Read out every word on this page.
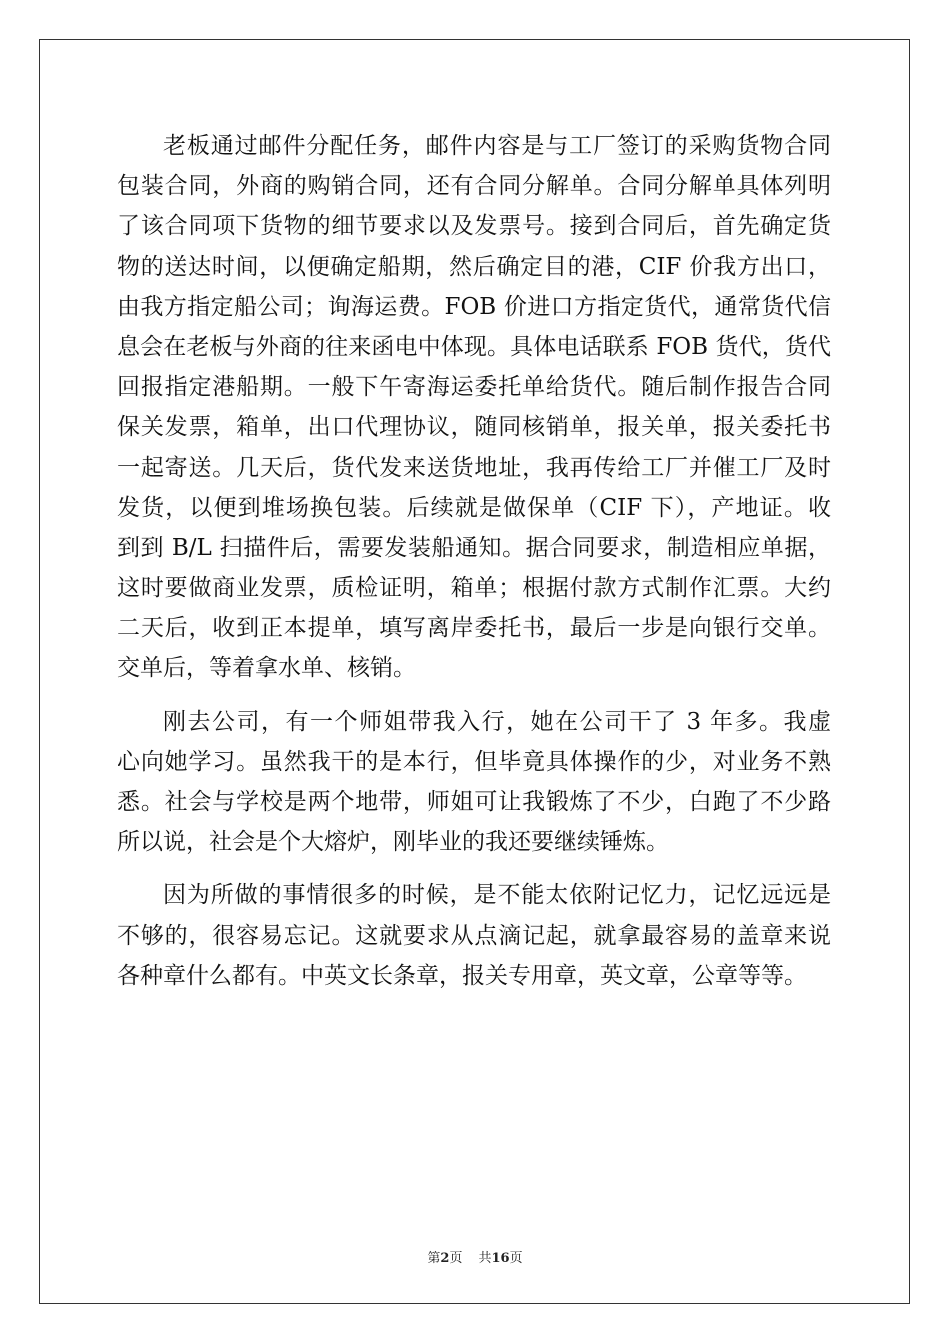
老板通过邮件分配任务，邮件内容是与工厂签订的采购货物合同
包装合同，外商的购销合同，还有合同分解单。合同分解单具体列明
了该合同项下货物的细节要求以及发票号。接到合同后，首先确定货
物的送达时间，以便确定船期，然后确定目的港，CIF 价我方出口，
由我方指定船公司；询海运费。FOB 价进口方指定货代，通常货代信
息会在老板与外商的往来函电中体现。具体电话联系 FOB 货代，货代
回报指定港船期。一般下午寄海运委托单给货代。随后制作报告合同
保关发票，箱单，出口代理协议，随同核销单，报关单，报关委托书
一起寄送。几天后，货代发来送货地址，我再传给工厂并催工厂及时
发货，以便到堆场换包装。后续就是做保单（CIF 下），产地证。收
到到 B/L 扫描件后，需要发装船通知。据合同要求，制造相应单据，
这时要做商业发票，质检证明，箱单；根据付款方式制作汇票。大约
二天后，收到正本提单，填写离岸委托书，最后一步是向银行交单。
交单后，等着拿水单、核销。
刚去公司，有一个师姐带我入行，她在公司干了 3 年多。我虚
心向她学习。虽然我干的是本行，但毕竟具体操作的少，对业务不熟
悉。社会与学校是两个地带，师姐可让我锻炼了不少，白跑了不少路
所以说，社会是个大熔炉，刚毕业的我还要继续锤炼。
因为所做的事情很多的时候，是不能太依附记忆力，记忆远远是
不够的，很容易忘记。这就要求从点滴记起，就拿最容易的盖章来说
各种章什么都有。中英文长条章，报关专用章，英文章，公章等等。
第2页 共16页
